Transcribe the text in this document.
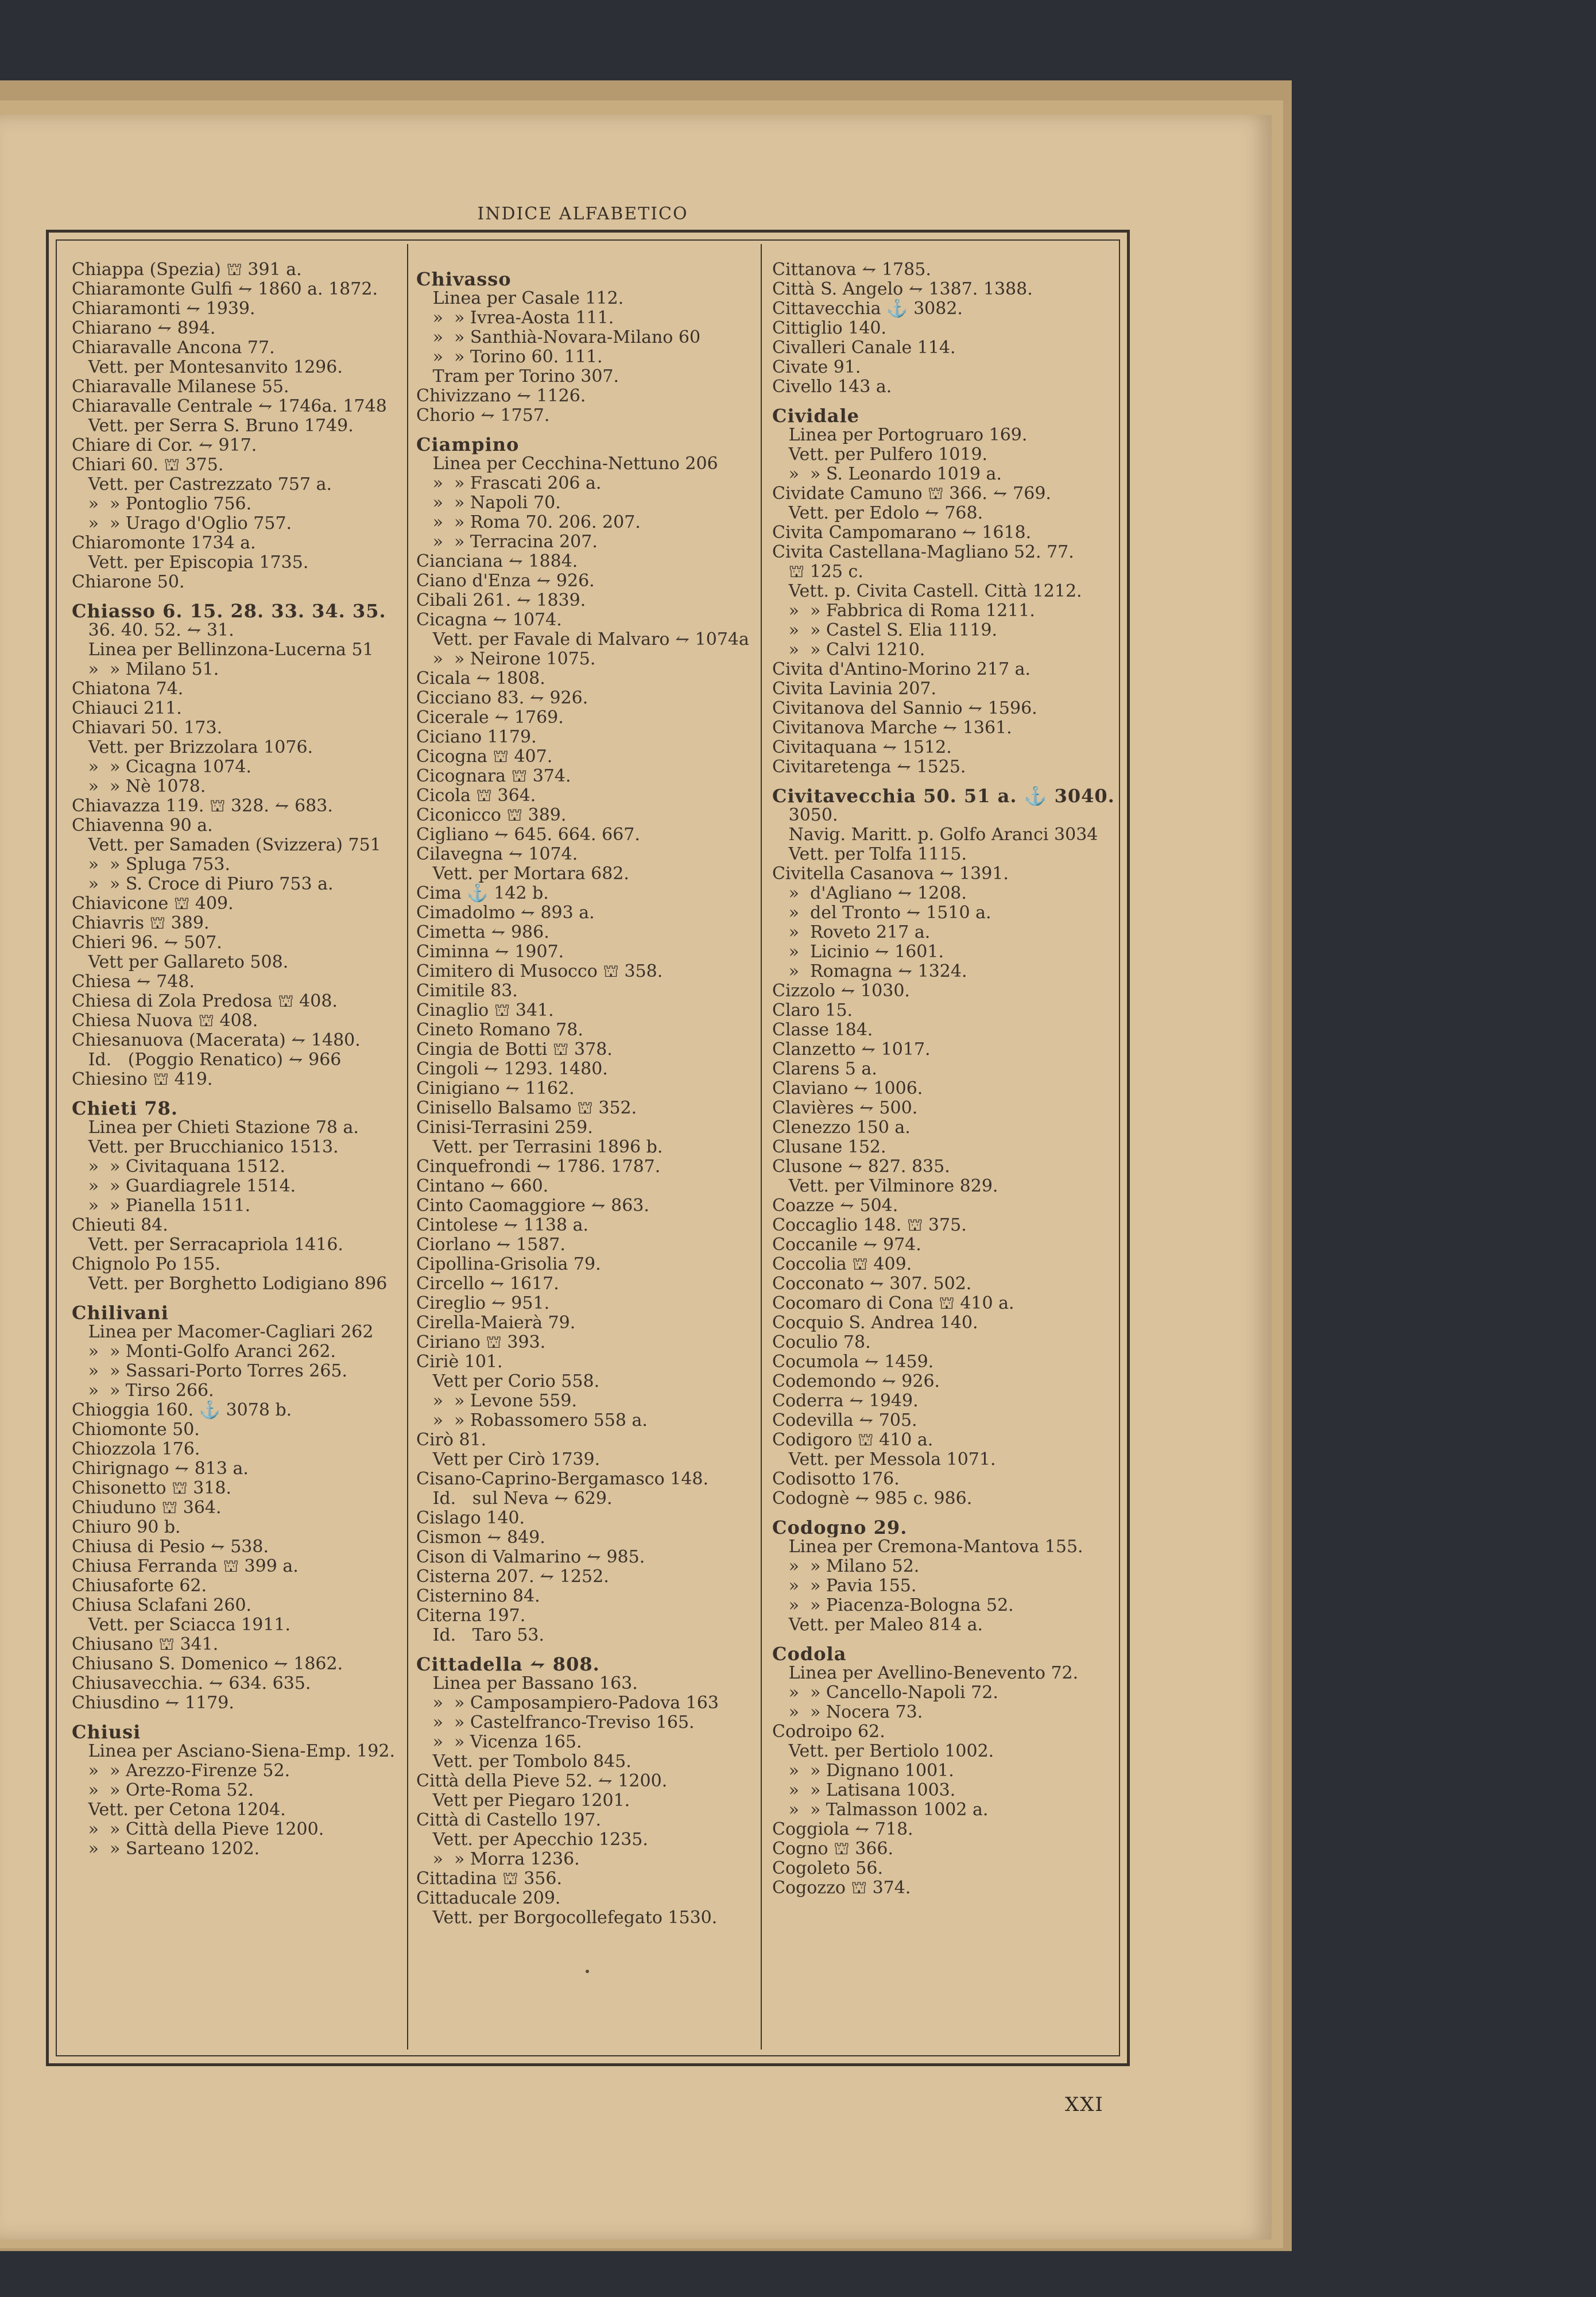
INDICE ALFABETICO
Chiappa (Spezia) ⛫ 391 a.
Chiaramonte Gulfi ⥊ 1860 a. 1872.
Chiaramonti ⥊ 1939.
Chiarano ⥊ 894.
Chiaravalle Ancona 77.
Vett. per Montesanvito 1296.
Chiaravalle Milanese 55.
Chiaravalle Centrale ⥊ 1746a. 1748
Vett. per Serra S. Bruno 1749.
Chiare di Cor. ⥊ 917.
Chiari 60. ⛫ 375.
Vett. per Castrezzato 757 a.
»  » Pontoglio 756.
»  » Urago d'Oglio 757.
Chiaromonte 1734 a.
Vett. per Episcopia 1735.
Chiarone 50.
Chiasso 6. 15. 28. 33. 34. 35.
36. 40. 52. ⥊ 31.
Linea per Bellinzona-Lucerna 51
»  » Milano 51.
Chiatona 74.
Chiauci 211.
Chiavari 50. 173.
Vett. per Brizzolara 1076.
»  » Cicagna 1074.
»  » Nè 1078.
Chiavazza 119. ⛫ 328. ⥊ 683.
Chiavenna 90 a.
Vett. per Samaden (Svizzera) 751
»  » Spluga 753.
»  » S. Croce di Piuro 753 a.
Chiavicone ⛫ 409.
Chiavris ⛫ 389.
Chieri 96. ⥊ 507.
Vett per Gallareto 508.
Chiesa ⥊ 748.
Chiesa di Zola Predosa ⛫ 408.
Chiesa Nuova ⛫ 408.
Chiesanuova (Macerata) ⥊ 1480.
Id.   (Poggio Renatico) ⥊ 966
Chiesino ⛫ 419.
Chieti 78.
Linea per Chieti Stazione 78 a.
Vett. per Brucchianico 1513.
»  » Civitaquana 1512.
»  » Guardiagrele 1514.
»  » Pianella 1511.
Chieuti 84.
Vett. per Serracapriola 1416.
Chignolo Po 155.
Vett. per Borghetto Lodigiano 896
Chilivani
Linea per Macomer-Cagliari 262
»  » Monti-Golfo Aranci 262.
»  » Sassari-Porto Torres 265.
»  » Tirso 266.
Chioggia 160. ⚓ 3078 b.
Chiomonte 50.
Chiozzola 176.
Chirignago ⥊ 813 a.
Chisonetto ⛫ 318.
Chiuduno ⛫ 364.
Chiuro 90 b.
Chiusa di Pesio ⥊ 538.
Chiusa Ferranda ⛫ 399 a.
Chiusaforte 62.
Chiusa Sclafani 260.
Vett. per Sciacca 1911.
Chiusano ⛫ 341.
Chiusano S. Domenico ⥊ 1862.
Chiusavecchia. ⥊ 634. 635.
Chiusdino ⥊ 1179.
Chiusi
Linea per Asciano-Siena-Emp. 192.
»  » Arezzo-Firenze 52.
»  » Orte-Roma 52.
Vett. per Cetona 1204.
»  » Città della Pieve 1200.
»  » Sarteano 1202.
Chivasso
Linea per Casale 112.
»  » Ivrea-Aosta 111.
»  » Santhià-Novara-Milano 60
»  » Torino 60. 111.
Tram per Torino 307.
Chivizzano ⥊ 1126.
Chorio ⥊ 1757.
Ciampino
Linea per Cecchina-Nettuno 206
»  » Frascati 206 a.
»  » Napoli 70.
»  » Roma 70. 206. 207.
»  » Terracina 207.
Cianciana ⥊ 1884.
Ciano d'Enza ⥊ 926.
Cibali 261. ⥊ 1839.
Cicagna ⥊ 1074.
Vett. per Favale di Malvaro ⥊ 1074a
»  » Neirone 1075.
Cicala ⥊ 1808.
Cicciano 83. ⥊ 926.
Cicerale ⥊ 1769.
Ciciano 1179.
Cicogna ⛫ 407.
Cicognara ⛫ 374.
Cicola ⛫ 364.
Ciconicco ⛫ 389.
Cigliano ⥊ 645. 664. 667.
Cilavegna ⥊ 1074.
Vett. per Mortara 682.
Cima ⚓ 142 b.
Cimadolmo ⥊ 893 a.
Cimetta ⥊ 986.
Ciminna ⥊ 1907.
Cimitero di Musocco ⛫ 358.
Cimitile 83.
Cinaglio ⛫ 341.
Cineto Romano 78.
Cingia de Botti ⛫ 378.
Cingoli ⥊ 1293. 1480.
Cinigiano ⥊ 1162.
Cinisello Balsamo ⛫ 352.
Cinisi-Terrasini 259.
Vett. per Terrasini 1896 b.
Cinquefrondi ⥊ 1786. 1787.
Cintano ⥊ 660.
Cinto Caomaggiore ⥊ 863.
Cintolese ⥊ 1138 a.
Ciorlano ⥊ 1587.
Cipollina-Grisolia 79.
Circello ⥊ 1617.
Cireglio ⥊ 951.
Cirella-Maierà 79.
Ciriano ⛫ 393.
Ciriè 101.
Vett per Corio 558.
»  » Levone 559.
»  » Robassomero 558 a.
Cirò 81.
Vett per Cirò 1739.
Cisano-Caprino-Bergamasco 148.
Id.   sul Neva ⥊ 629.
Cislago 140.
Cismon ⥊ 849.
Cison di Valmarino ⥊ 985.
Cisterna 207. ⥊ 1252.
Cisternino 84.
Citerna 197.
Id.   Taro 53.
Cittadella ⥊ 808.
Linea per Bassano 163.
»  » Camposampiero-Padova 163
»  » Castelfranco-Treviso 165.
»  » Vicenza 165.
Vett. per Tombolo 845.
Città della Pieve 52. ⥊ 1200.
Vett per Piegaro 1201.
Città di Castello 197.
Vett. per Apecchio 1235.
»  » Morra 1236.
Cittadina ⛫ 356.
Cittaducale 209.
Vett. per Borgocollefegato 1530.
Cittanova ⥊ 1785.
Città S. Angelo ⥊ 1387. 1388.
Cittavecchia ⚓ 3082.
Cittiglio 140.
Civalleri Canale 114.
Civate 91.
Civello 143 a.
Cividale
Linea per Portogruaro 169.
Vett. per Pulfero 1019.
»  » S. Leonardo 1019 a.
Cividate Camuno ⛫ 366. ⥊ 769.
Vett. per Edolo ⥊ 768.
Civita Campomarano ⥊ 1618.
Civita Castellana-Magliano 52. 77.
⛫ 125 c.
Vett. p. Civita Castell. Città 1212.
»  » Fabbrica di Roma 1211.
»  » Castel S. Elia 1119.
»  » Calvi 1210.
Civita d'Antino-Morino 217 a.
Civita Lavinia 207.
Civitanova del Sannio ⥊ 1596.
Civitanova Marche ⥊ 1361.
Civitaquana ⥊ 1512.
Civitaretenga ⥊ 1525.
Civitavecchia 50. 51 a. ⚓ 3040.
3050.
Navig. Maritt. p. Golfo Aranci 3034
Vett. per Tolfa 1115.
Civitella Casanova ⥊ 1391.
»  d'Agliano ⥊ 1208.
»  del Tronto ⥊ 1510 a.
»  Roveto 217 a.
»  Licinio ⥊ 1601.
»  Romagna ⥊ 1324.
Cizzolo ⥊ 1030.
Claro 15.
Classe 184.
Clanzetto ⥊ 1017.
Clarens 5 a.
Claviano ⥊ 1006.
Clavières ⥊ 500.
Clenezzo 150 a.
Clusane 152.
Clusone ⥊ 827. 835.
Vett. per Vilminore 829.
Coazze ⥊ 504.
Coccaglio 148. ⛫ 375.
Coccanile ⥊ 974.
Coccolia ⛫ 409.
Cocconato ⥊ 307. 502.
Cocomaro di Cona ⛫ 410 a.
Cocquio S. Andrea 140.
Coculio 78.
Cocumola ⥊ 1459.
Codemondo ⥊ 926.
Coderra ⥊ 1949.
Codevilla ⥊ 705.
Codigoro ⛫ 410 a.
Vett. per Messola 1071.
Codisotto 176.
Codognè ⥊ 985 c. 986.
Codogno 29.
Linea per Cremona-Mantova 155.
»  » Milano 52.
»  » Pavia 155.
»  » Piacenza-Bologna 52.
Vett. per Maleo 814 a.
Codola
Linea per Avellino-Benevento 72.
»  » Cancello-Napoli 72.
»  » Nocera 73.
Codroipo 62.
Vett. per Bertiolo 1002.
»  » Dignano 1001.
»  » Latisana 1003.
»  » Talmasson 1002 a.
Coggiola ⥊ 718.
Cogno ⛫ 366.
Cogoleto 56.
Cogozzo ⛫ 374.
XXI
